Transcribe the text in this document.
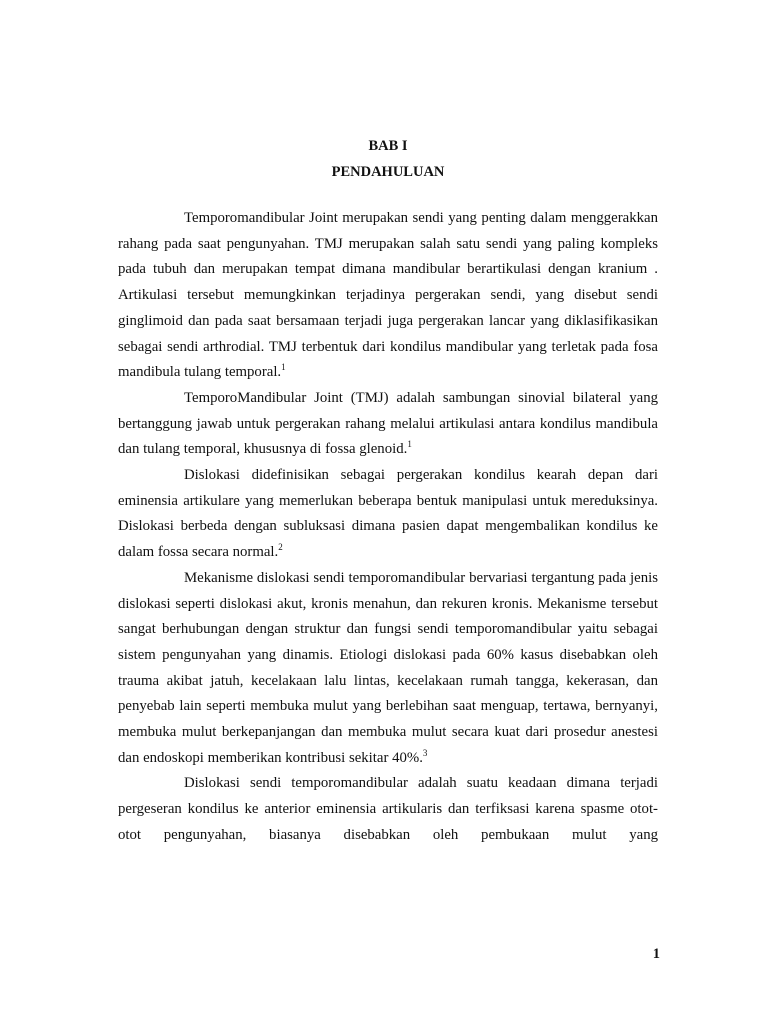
BAB I
PENDAHULUAN

Temporomandibular Joint merupakan sendi yang penting dalam menggerakkan rahang pada saat pengunyahan. TMJ merupakan salah satu sendi yang paling kompleks pada tubuh dan merupakan tempat dimana mandibular berartikulasi dengan kranium . Artikulasi tersebut memungkinkan terjadinya pergerakan sendi, yang disebut sendi ginglimoid dan pada saat bersamaan terjadi juga pergerakan lancar yang diklasifikasikan sebagai sendi arthrodial. TMJ terbentuk dari kondilus mandibular yang terletak pada fosa mandibula tulang temporal.$^1$

TemporoMandibular Joint (TMJ) adalah sambungan sinovial bilateral yang bertanggung jawab untuk pergerakan rahang melalui artikulasi antara kondilus mandibula dan tulang temporal, khususnya di fossa glenoid.$^1$

Dislokasi didefinisikan sebagai pergerakan kondilus kearah depan dari eminensia artikulare yang memerlukan beberapa bentuk manipulasi untuk mereduksinya. Dislokasi berbeda dengan subluksasi dimana pasien dapat mengembalikan kondilus ke dalam fossa secara normal.$^2$

Mekanisme dislokasi sendi temporomandibular bervariasi tergantung pada jenis dislokasi seperti dislokasi akut, kronis menahun, dan rekuren kronis. Mekanisme tersebut sangat berhubungan dengan struktur dan fungsi sendi temporomandibular yaitu sebagai sistem pengunyahan yang dinamis. Etiologi dislokasi pada 60% kasus disebabkan oleh trauma akibat jatuh, kecelakaan lalu lintas, kecelakaan rumah tangga, kekerasan, dan penyebab lain seperti membuka mulut yang berlebihan saat menguap, tertawa, bernyanyi, membuka mulut berkepanjangan dan membuka mulut secara kuat dari prosedur anestesi dan endoskopi memberikan kontribusi sekitar 40%.$^3$

Dislokasi sendi temporomandibular adalah suatu keadaan dimana terjadi pergeseran kondilus ke anterior eminensia artikularis dan terfiksasi karena spasme otot-otot pengunyahan, biasanya disebabkan oleh pembukaan mulut yang

1
